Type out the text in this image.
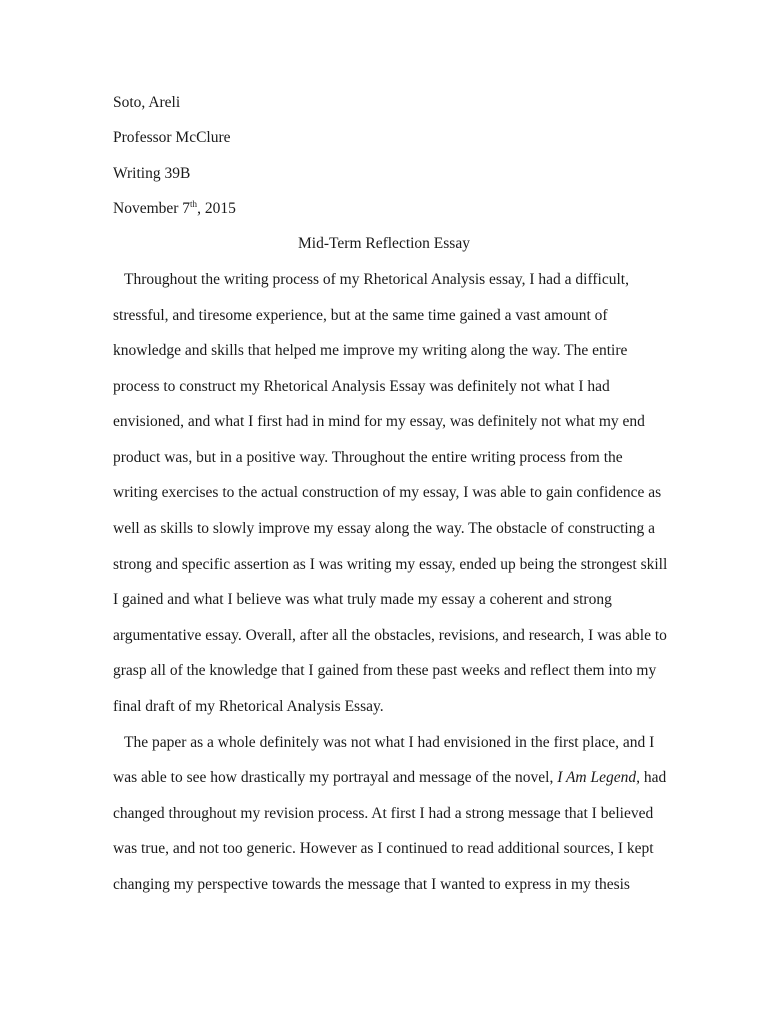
Soto, Areli

Professor McClure

Writing 39B

November 7th, 2015

Mid-Term Reflection Essay

Throughout the writing process of my Rhetorical Analysis essay, I had a difficult,

stressful, and tiresome experience, but at the same time gained a vast amount of

knowledge and skills that helped me improve my writing along the way. The entire

process to construct my Rhetorical Analysis Essay was definitely not what I had

envisioned, and what I first had in mind for my essay, was definitely not what my end

product was, but in a positive way. Throughout the entire writing process from the

writing exercises to the actual construction of my essay, I was able to gain confidence as

well as skills to slowly improve my essay along the way. The obstacle of constructing a

strong and specific assertion as I was writing my essay, ended up being the strongest skill

I gained and what I believe was what truly made my essay a coherent and strong

argumentative essay. Overall, after all the obstacles, revisions, and research, I was able to

grasp all of the knowledge that I gained from these past weeks and reflect them into my

final draft of my Rhetorical Analysis Essay.

The paper as a whole definitely was not what I had envisioned in the first place, and I

was able to see how drastically my portrayal and message of the novel, I Am Legend, had

changed throughout my revision process. At first I had a strong message that I believed

was true, and not too generic. However as I continued to read additional sources, I kept

changing my perspective towards the message that I wanted to express in my thesis
